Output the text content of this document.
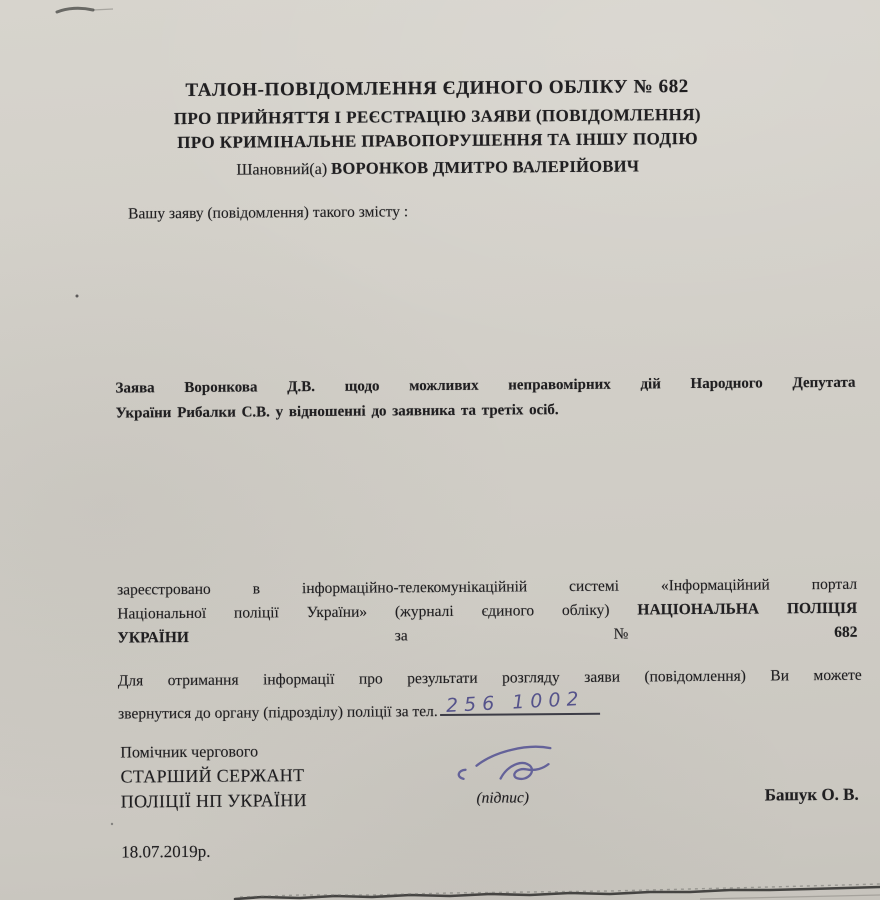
ТАЛОН-ПОВІДОМЛЕННЯ ЄДИНОГО ОБЛІКУ № 682
ПРО ПРИЙНЯТТЯ І РЕЄСТРАЦІЮ ЗАЯВИ (ПОВІДОМЛЕННЯ)
ПРО КРИМІНАЛЬНЕ ПРАВОПОРУШЕННЯ ТА ІНШУ ПОДІЮ
Шановний(а) ВОРОНКОВ ДМИТРО ВАЛЕРІЙОВИЧ
Вашу заяву (повідомлення) такого змісту :
Заява Воронкова Д.В. щодо можливих неправомірних дій Народного Депутата
України Рибалки С.В. у відношенні до заявника та третіх осіб.
зареєстровано	в	інформаційно-телекомунікаційній	системі	«Інформаційний	портал
Національної поліції України» (журналі єдиного обліку) НАЦІОНАЛЬНА ПОЛІЦІЯ
УКРАЇНИ	за	№	682
Для отримання інформації про результати розгляду заяви (повідомлення) Ви можете
звернутися до органу (підрозділу) поліції за тел. 256 1002
Помічник чергового
СТАРШИЙ СЕРЖАНТ
ПОЛІЦІЇ НП УКРАЇНИ	(підпис)	Башук О. В.
18.07.2019р.
